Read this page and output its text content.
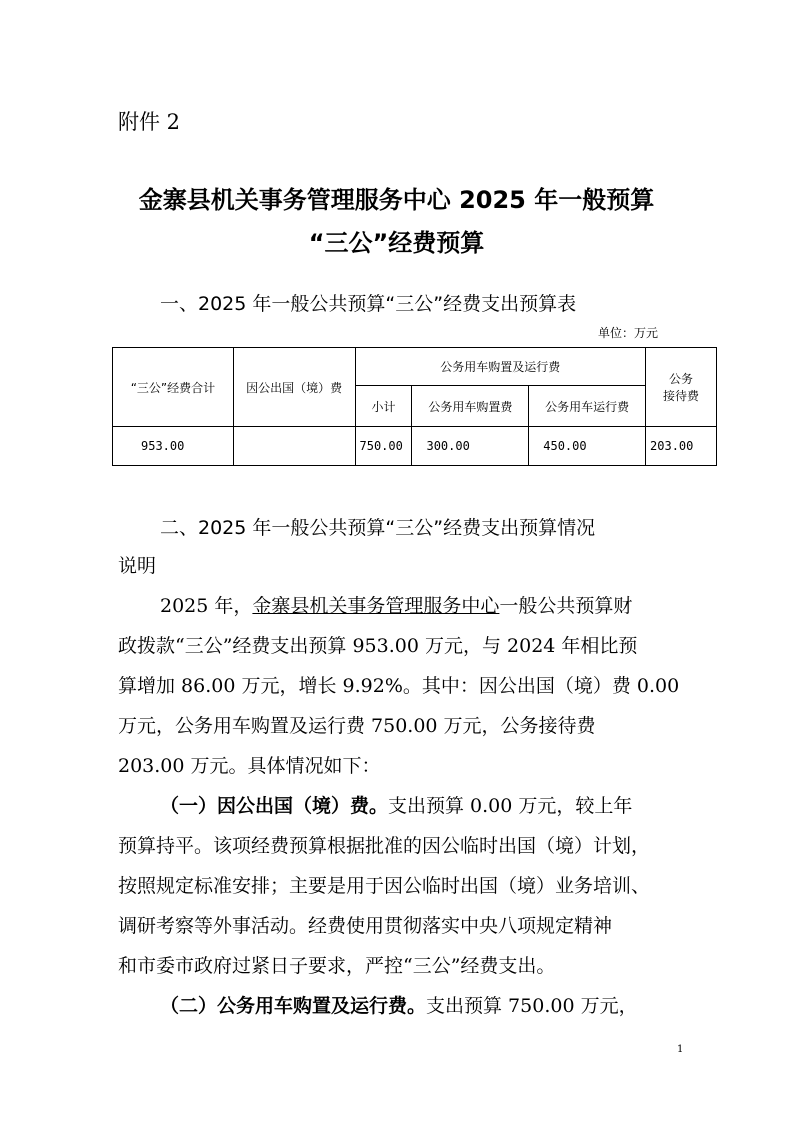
附件 2
金寨县机关事务管理服务中心 2025 年一般预算
“三公”经费预算
一、2025 年一般公共预算“三公”经费支出预算表
单位：万元
“三公”经费合计	因公出国（境）费	公务用车购置及运行费			公务
接待费

		小计	公务用车购置费	公务用车运行费	
953.00		750.00	300.00	450.00	203.00
二、2025 年一般公共预算“三公”经费支出预算情况
说明
2025 年，金寨县机关事务管理服务中心一般公共预算财
政拨款“三公”经费支出预算 953.00 万元，与 2024 年相比预
算增加 86.00 万元，增长 9.92%。其中：因公出国（境）费 0.00
万元，公务用车购置及运行费 750.00 万元，公务接待费
203.00 万元。具体情况如下：
（一）因公出国（境）费。支出预算 0.00 万元，较上年
预算持平。该项经费预算根据批准的因公临时出国（境）计划，
按照规定标准安排；主要是用于因公临时出国（境）业务培训、
调研考察等外事活动。经费使用贯彻落实中央八项规定精神
和市委市政府过紧日子要求，严控“三公”经费支出。
（二）公务用车购置及运行费。支出预算 750.00 万元，
1
